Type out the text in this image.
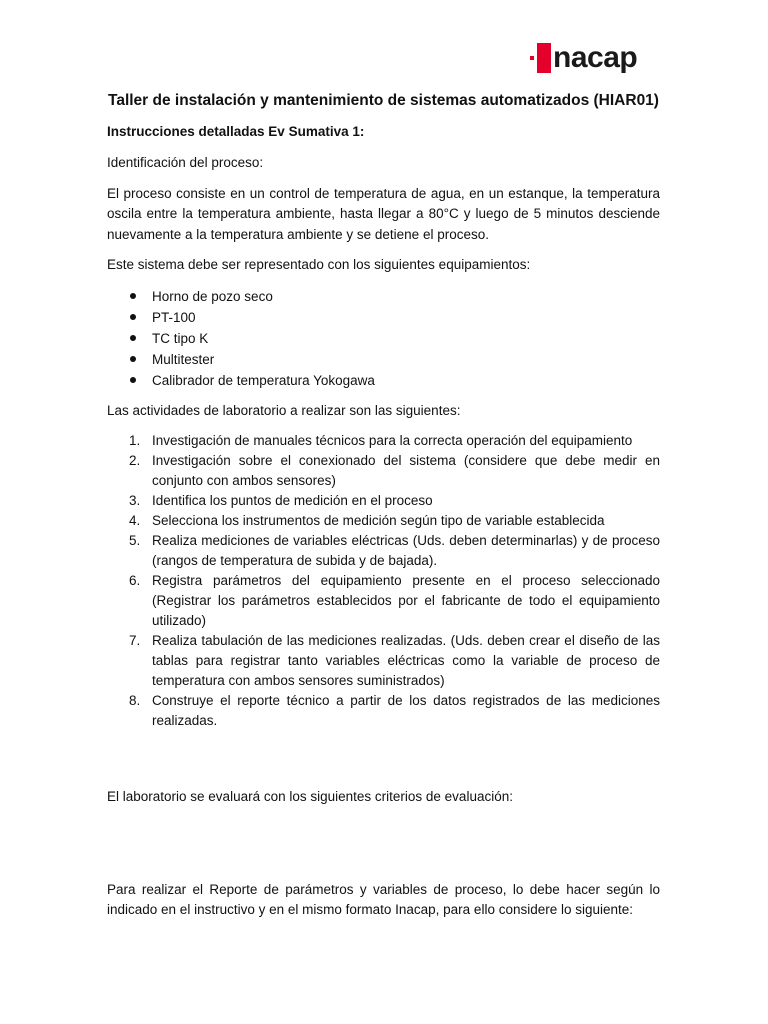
nacap
Taller de instalación y mantenimiento de sistemas automatizados (HIAR01)
Instrucciones detalladas Ev Sumativa 1:

Identificación del proceso:

El proceso consiste en un control de temperatura de agua, en un estanque, la temperatura oscila entre la temperatura ambiente, hasta llegar a 80°C y luego de 5 minutos desciende nuevamente a la temperatura ambiente y se detiene el proceso.

Este sistema debe ser representado con los siguientes equipamientos:

Horno de pozo seco
PT-100
TC tipo K
Multitester
Calibrador de temperatura Yokogawa

Las actividades de laboratorio a realizar son las siguientes:

1. Investigación de manuales técnicos para la correcta operación del equipamiento
2. Investigación sobre el conexionado del sistema (considere que debe medir en conjunto con ambos sensores)
3. Identifica los puntos de medición en el proceso
4. Selecciona los instrumentos de medición según tipo de variable establecida
5. Realiza mediciones de variables eléctricas (Uds. deben determinarlas) y de proceso (rangos de temperatura de subida y de bajada).
6. Registra parámetros del equipamiento presente en el proceso seleccionado (Registrar los parámetros establecidos por el fabricante de todo el equipamiento utilizado)
7. Realiza tabulación de las mediciones realizadas. (Uds. deben crear el diseño de las tablas para registrar tanto variables eléctricas como la variable de proceso de temperatura con ambos sensores suministrados)
8. Construye el reporte técnico a partir de los datos registrados de las mediciones realizadas.

El laboratorio se evaluará con los siguientes criterios de evaluación:

Para realizar el Reporte de parámetros y variables de proceso, lo debe hacer según lo indicado en el instructivo y en el mismo formato Inacap, para ello considere lo siguiente:
